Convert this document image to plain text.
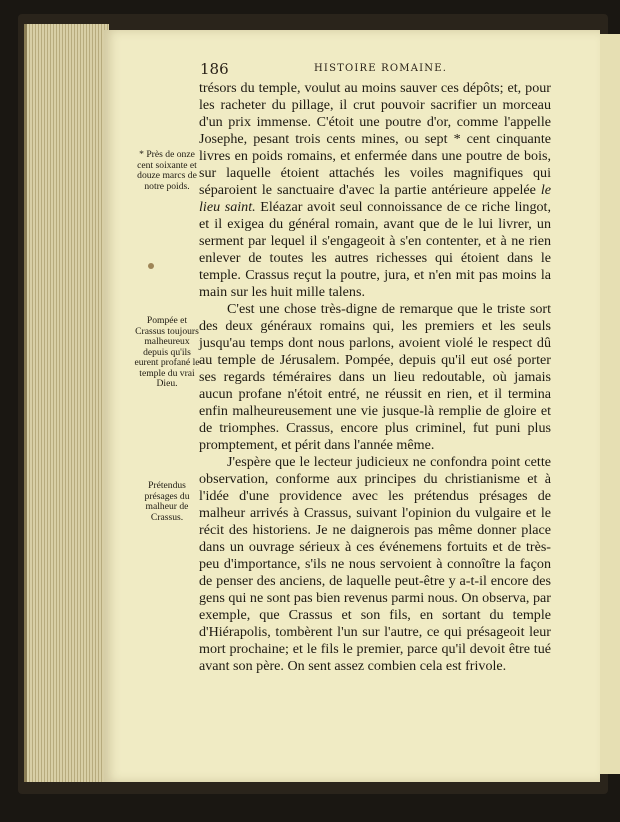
186	HISTOIRE ROMAINE.
* Près de onze cent soixante et douze marcs de notre poids.
Pompée et Crassus toujours malheureux depuis qu'ils eurent profané le temple du vrai Dieu.
Prétendus présages du malheur de Crassus.

trésors du temple, voulut au moins sauver ces dépôts; et, pour les racheter du pillage, il crut pouvoir sacrifier un morceau d'un prix immense. C'étoit une poutre d'or, comme l'appelle Josephe, pesant trois cents mines, ou sept * cent cinquante livres en poids romains, et enfermée dans une poutre de bois, sur laquelle étoient attachés les voiles magnifiques qui séparoient le sanctuaire d'avec la partie antérieure appelée le lieu saint. Eléazar avoit seul connoissance de ce riche lingot, et il exigea du général romain, avant que de le lui livrer, un serment par lequel il s'engageoit à s'en contenter, et à ne rien enlever de toutes les autres richesses qui étoient dans le temple. Crassus reçut la poutre, jura, et n'en mit pas moins la main sur les huit mille talens.

C'est une chose très-digne de remarque que le triste sort des deux généraux romains qui, les premiers et les seuls jusqu'au temps dont nous parlons, avoient violé le respect dû au temple de Jérusalem. Pompée, depuis qu'il eut osé porter ses regards téméraires dans un lieu redoutable, où jamais aucun profane n'étoit entré, ne réussit en rien, et il termina enfin malheureusement une vie jusque-là remplie de gloire et de triomphes. Crassus, encore plus criminel, fut puni plus promptement, et périt dans l'année même.

J'espère que le lecteur judicieux ne confondra point cette observation, conforme aux principes du christianisme et à l'idée d'une providence avec les prétendus présages de malheur arrivés à Crassus, suivant l'opinion du vulgaire et le récit des historiens. Je ne daignerois pas même donner place dans un ouvrage sérieux à ces événemens fortuits et de très-peu d'importance, s'ils ne nous servoient à connoître la façon de penser des anciens, de laquelle peut-être y a-t-il encore des gens qui ne sont pas bien revenus parmi nous. On observa, par exemple, que Crassus et son fils, en sortant du temple d'Hiérapolis, tombèrent l'un sur l'autre, ce qui présageoit leur mort prochaine; et le fils le premier, parce qu'il devoit être tué avant son père. On sent assez combien cela est frivole.
